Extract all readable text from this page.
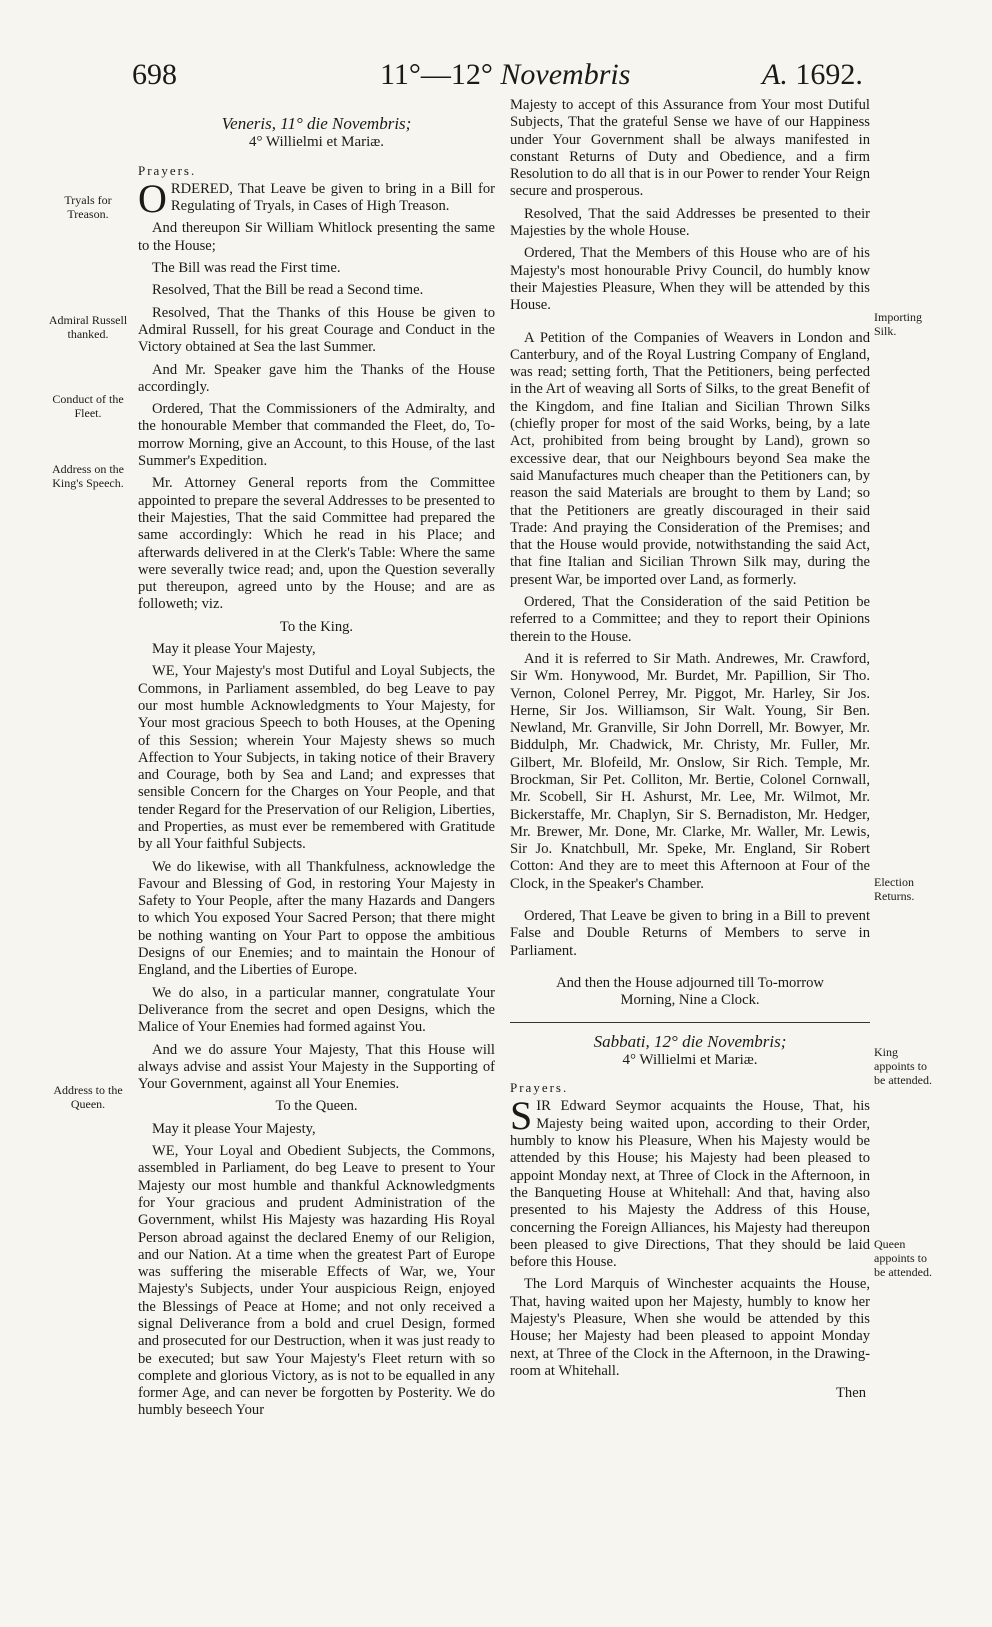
698	11°—12° Novembris	A. 1692.
Tryals for Treason.
Admiral Russell thanked.
Conduct of the Fleet.
Address on the King's Speech.
Address to the Queen.
Importing Silk.
Election Returns.
King appoints to be attended.
Queen appoints to be attended.
Veneris, 11° die Novembris;
4° Willielmi et Mariæ.
Prayers.

ORDERED, That Leave be given to bring in a Bill for Regulating of Tryals, in Cases of High Treason.

And thereupon Sir William Whitlock presenting the same to the House;

The Bill was read the First time.

Resolved, That the Bill be read a Second time.

Resolved, That the Thanks of this House be given to Admiral Russell, for his great Courage and Conduct in the Victory obtained at Sea the last Summer.

And Mr. Speaker gave him the Thanks of the House accordingly.

Ordered, That the Commissioners of the Admiralty, and the honourable Member that commanded the Fleet, do, To-morrow Morning, give an Account, to this House, of the last Summer's Expedition.

Mr. Attorney General reports from the Committee appointed to prepare the several Addresses to be presented to their Majesties, That the said Committee had prepared the same accordingly: Which he read in his Place; and afterwards delivered in at the Clerk's Table: Where the same were severally twice read; and, upon the Question severally put thereupon, agreed unto by the House; and are as followeth; viz.

To the King.

May it please Your Majesty,

WE, Your Majesty's most Dutiful and Loyal Subjects, the Commons, in Parliament assembled, do beg Leave to pay our most humble Acknowledgments to Your Majesty, for Your most gracious Speech to both Houses, at the Opening of this Session; wherein Your Majesty shews so much Affection to Your Subjects, in taking notice of their Bravery and Courage, both by Sea and Land; and expresses that sensible Concern for the Charges on Your People, and that tender Regard for the Preservation of our Religion, Liberties, and Properties, as must ever be remembered with Gratitude by all Your faithful Subjects.

We do likewise, with all Thankfulness, acknowledge the Favour and Blessing of God, in restoring Your Majesty in Safety to Your People, after the many Hazards and Dangers to which You exposed Your Sacred Person; that there might be nothing wanting on Your Part to oppose the ambitious Designs of our Enemies; and to maintain the Honour of England, and the Liberties of Europe.

We do also, in a particular manner, congratulate Your Deliverance from the secret and open Designs, which the Malice of Your Enemies had formed against You.

And we do assure Your Majesty, That this House will always advise and assist Your Majesty in the Supporting of Your Government, against all Your Enemies.

To the Queen.

May it please Your Majesty,

WE, Your Loyal and Obedient Subjects, the Commons, assembled in Parliament, do beg Leave to present to Your Majesty our most humble and thankful Acknowledgments for Your gracious and prudent Administration of the Government, whilst His Majesty was hazarding His Royal Person abroad against the declared Enemy of our Religion, and our Nation. At a time when the greatest Part of Europe was suffering the miserable Effects of War, we, Your Majesty's Subjects, under Your auspicious Reign, enjoyed the Blessings of Peace at Home; and not only received a signal Deliverance from a bold and cruel Design, formed and prosecuted for our Destruction, when it was just ready to be executed; but saw Your Majesty's Fleet return with so complete and glorious Victory, as is not to be equalled in any former Age, and can never be forgotten by Posterity. We do humbly beseech Your

Majesty to accept of this Assurance from Your most Dutiful Subjects, That the grateful Sense we have of our Happiness under Your Government shall be always manifested in constant Returns of Duty and Obedience, and a firm Resolution to do all that is in our Power to render Your Reign secure and prosperous.

Resolved, That the said Addresses be presented to their Majesties by the whole House.

Ordered, That the Members of this House who are of his Majesty's most honourable Privy Council, do humbly know their Majesties Pleasure, When they will be attended by this House.

A Petition of the Companies of Weavers in London and Canterbury, and of the Royal Lustring Company of England, was read; setting forth, That the Petitioners, being perfected in the Art of weaving all Sorts of Silks, to the great Benefit of the Kingdom, and fine Italian and Sicilian Thrown Silks (chiefly proper for most of the said Works, being, by a late Act, prohibited from being brought by Land), grown so excessive dear, that our Neighbours beyond Sea make the said Manufactures much cheaper than the Petitioners can, by reason the said Materials are brought to them by Land; so that the Petitioners are greatly discouraged in their said Trade: And praying the Consideration of the Premises; and that the House would provide, notwithstanding the said Act, that fine Italian and Sicilian Thrown Silk may, during the present War, be imported over Land, as formerly.

Ordered, That the Consideration of the said Petition be referred to a Committee; and they to report their Opinions therein to the House.

And it is referred to Sir Math. Andrewes, Mr. Crawford, Sir Wm. Honywood, Mr. Burdet, Mr. Papillion, Sir Tho. Vernon, Colonel Perrey, Mr. Piggot, Mr. Harley, Sir Jos. Herne, Sir Jos. Williamson, Sir Walt. Young, Sir Ben. Newland, Mr. Granville, Sir John Dorrell, Mr. Bowyer, Mr. Biddulph, Mr. Chadwick, Mr. Christy, Mr. Fuller, Mr. Gilbert, Mr. Blofeild, Mr. Onslow, Sir Rich. Temple, Mr. Brockman, Sir Pet. Colliton, Mr. Bertie, Colonel Cornwall, Mr. Scobell, Sir H. Ashurst, Mr. Lee, Mr. Wilmot, Mr. Bickerstaffe, Mr. Chaplyn, Sir S. Bernadiston, Mr. Hedger, Mr. Brewer, Mr. Done, Mr. Clarke, Mr. Waller, Mr. Lewis, Sir Jo. Knatchbull, Mr. Speke, Mr. England, Sir Robert Cotton: And they are to meet this Afternoon at Four of the Clock, in the Speaker's Chamber.

Ordered, That Leave be given to bring in a Bill to prevent False and Double Returns of Members to serve in Parliament.

And then the House adjourned till To-morrow Morning, Nine a Clock.

Sabbati, 12° die Novembris;
4° Willielmi et Mariæ.
Prayers.

SIR Edward Seymor acquaints the House, That, his Majesty being waited upon, according to their Order, humbly to know his Pleasure, When his Majesty would be attended by this House; his Majesty had been pleased to appoint Monday next, at Three of Clock in the Afternoon, in the Banqueting House at Whitehall: And that, having also presented to his Majesty the Address of this House, concerning the Foreign Alliances, his Majesty had thereupon been pleased to give Directions, That they should be laid before this House.

The Lord Marquis of Winchester acquaints the House, That, having waited upon her Majesty, humbly to know her Majesty's Pleasure, When she would be attended by this House; her Majesty had been pleased to appoint Monday next, at Three of the Clock in the Afternoon, in the Drawing-room at Whitehall.

Then
